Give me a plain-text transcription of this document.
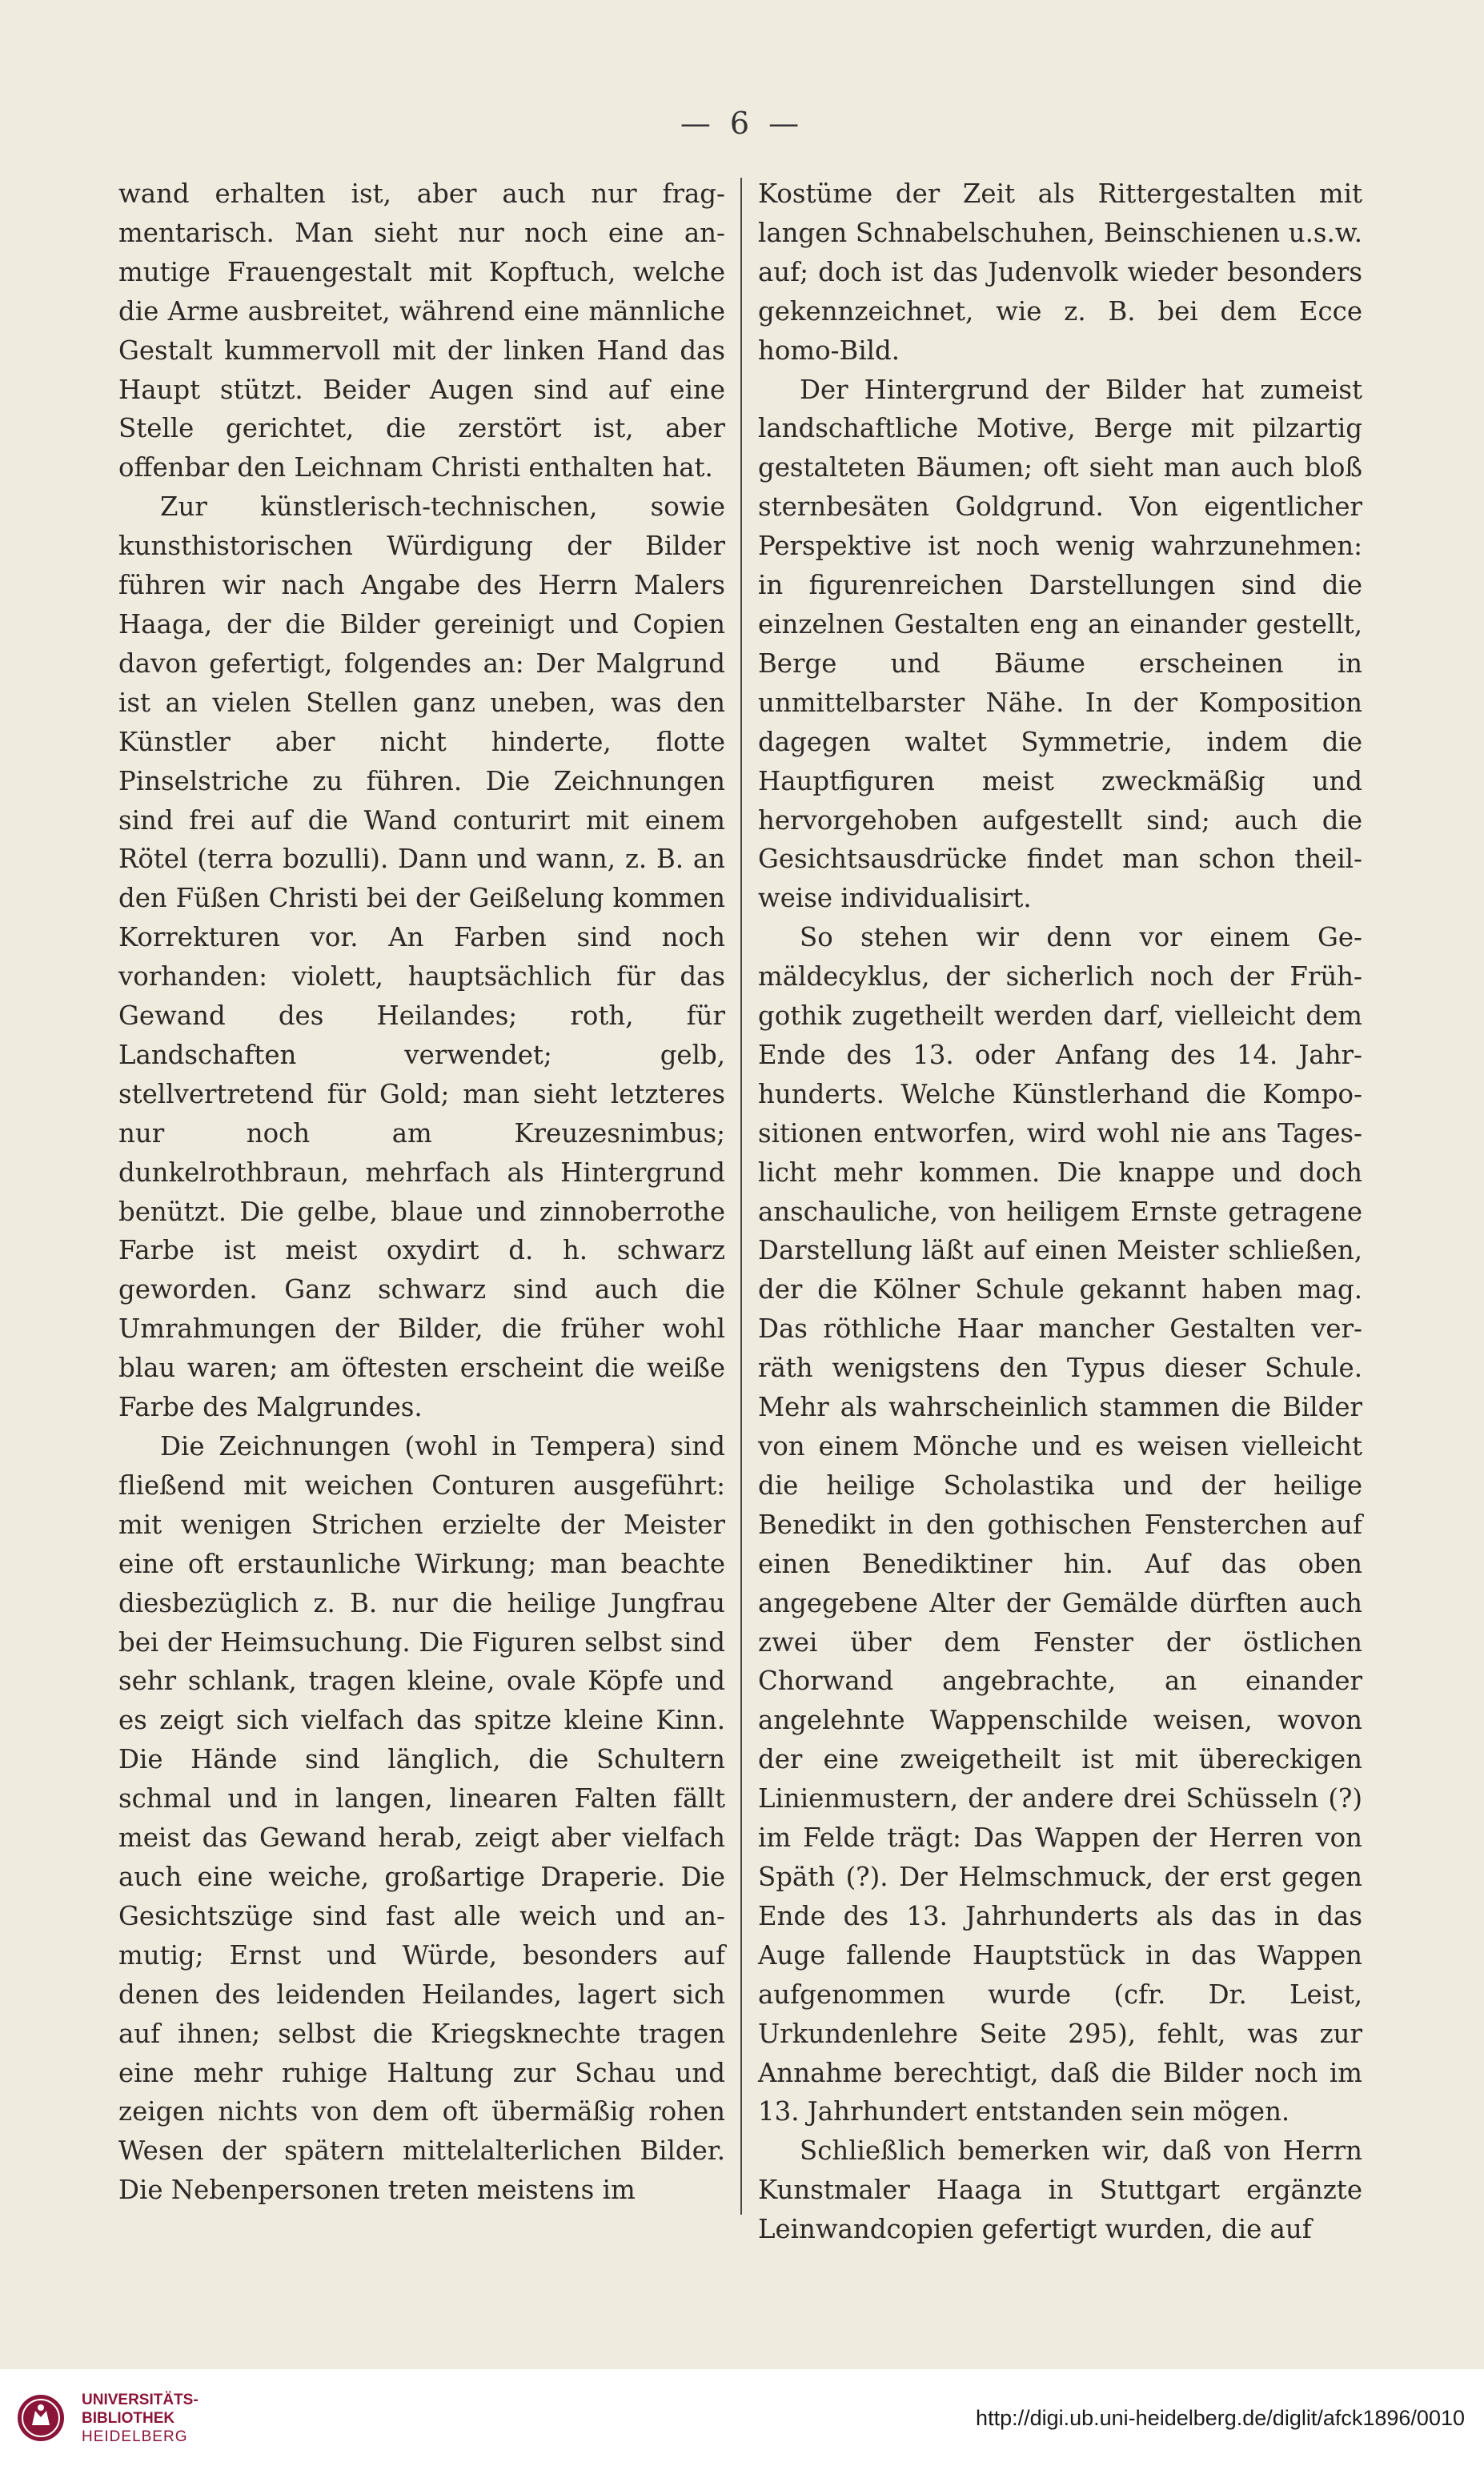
— 6 —

wand erhalten ist, aber auch nur fragmentarisch. Man sieht nur noch eine anmutige Frauengestalt mit Kopftuch, welche die Arme ausbreitet, während eine männliche Gestalt kummervoll mit der linken Hand das Haupt stützt. Beider Augen sind auf eine Stelle gerichtet, die zerstört ist, aber offenbar den Leichnam Christi enthalten hat.

Zur künstlerisch-technischen, sowie kunsthistorischen Würdigung der Bilder führen wir nach Angabe des Herrn Malers Haaga, der die Bilder gereinigt und Copien davon gefertigt, folgendes an: Der Malgrund ist an vielen Stellen ganz uneben, was den Künstler aber nicht hinderte, flotte Pinselstriche zu führen. Die Zeichnungen sind frei auf die Wand conturirt mit einem Rötel (terra bozulli). Dann und wann, z. B. an den Füßen Christi bei der Geißelung kommen Korrekturen vor. An Farben sind noch vorhanden: violett, hauptsächlich für das Gewand des Heilandes; roth, für Landschaften verwendet; gelb, stellvertretend für Gold; man sieht letzteres nur noch am Kreuzesnimbus; dunkelrothbraun, mehrfach als Hintergrund benützt. Die gelbe, blaue und zinnoberrothe Farbe ist meist oxydirt d. h. schwarz geworden. Ganz schwarz sind auch die Umrahmungen der Bilder, die früher wohl blau waren; am öftesten erscheint die weiße Farbe des Malgrundes.

Die Zeichnungen (wohl in Tempera) sind fließend mit weichen Conturen ausgeführt: mit wenigen Strichen erzielte der Meister eine oft erstaunliche Wirkung; man beachte diesbezüglich z. B. nur die heilige Jungfrau bei der Heimsuchung. Die Figuren selbst sind sehr schlank, tragen kleine, ovale Köpfe und es zeigt sich vielfach das spitze kleine Kinn. Die Hände sind länglich, die Schultern schmal und in langen, linearen Falten fällt meist das Gewand herab, zeigt aber vielfach auch eine weiche, großartige Draperie. Die Gesichtszüge sind fast alle weich und anmutig; Ernst und Würde, besonders auf denen des leidenden Heilandes, lagert sich auf ihnen; selbst die Kriegsknechte tragen eine mehr ruhige Haltung zur Schau und zeigen nichts von dem oft übermäßig rohen Wesen der spätern mittelalterlichen Bilder. Die Nebenpersonen treten meistens im

Kostüme der Zeit als Rittergestalten mit langen Schnabelschuhen, Beinschienen u.s.w. auf; doch ist das Judenvolk wieder besonders gekennzeichnet, wie z. B. bei dem Ecce homo-Bild.

Der Hintergrund der Bilder hat zumeist landschaftliche Motive, Berge mit pilzartig gestalteten Bäumen; oft sieht man auch bloß sternbesäten Goldgrund. Von eigentlicher Perspektive ist noch wenig wahrzunehmen: in figurenreichen Darstellungen sind die einzelnen Gestalten eng an einander gestellt, Berge und Bäume erscheinen in unmittelbarster Nähe. In der Komposition dagegen waltet Symmetrie, indem die Hauptfiguren meist zweckmäßig und hervorgehoben aufgestellt sind; auch die Gesichtsausdrücke findet man schon theilweise individualisirt.

So stehen wir denn vor einem Gemäldecyklus, der sicherlich noch der Frühgothik zugetheilt werden darf, vielleicht dem Ende des 13. oder Anfang des 14. Jahrhunderts. Welche Künstlerhand die Kompositionen entworfen, wird wohl nie ans Tageslicht mehr kommen. Die knappe und doch anschauliche, von heiligem Ernste getragene Darstellung läßt auf einen Meister schließen, der die Kölner Schule gekannt haben mag. Das röthliche Haar mancher Gestalten verräth wenigstens den Typus dieser Schule. Mehr als wahrscheinlich stammen die Bilder von einem Mönche und es weisen vielleicht die heilige Scholastika und der heilige Benedikt in den gothischen Fensterchen auf einen Benediktiner hin. Auf das oben angegebene Alter der Gemälde dürften auch zwei über dem Fenster der östlichen Chorwand angebrachte, an einander angelehnte Wappenschilde weisen, wovon der eine zweigetheilt ist mit übereckigen Linienmustern, der andere drei Schüsseln (?) im Felde trägt: Das Wappen der Herren von Späth (?). Der Helmschmuck, der erst gegen Ende des 13. Jahrhunderts als das in das Auge fallende Hauptstück in das Wappen aufgenommen wurde (cfr. Dr. Leist, Urkundenlehre Seite 295), fehlt, was zur Annahme berechtigt, daß die Bilder noch im 13. Jahrhundert entstanden sein mögen.

Schließlich bemerken wir, daß von Herrn Kunstmaler Haaga in Stuttgart ergänzte Leinwandcopien gefertigt wurden, die auf

UNIVERSITÄTS-
BIBLIOTHEK
HEIDELBERG
http://digi.ub.uni-heidelberg.de/diglit/afck1896/0010
